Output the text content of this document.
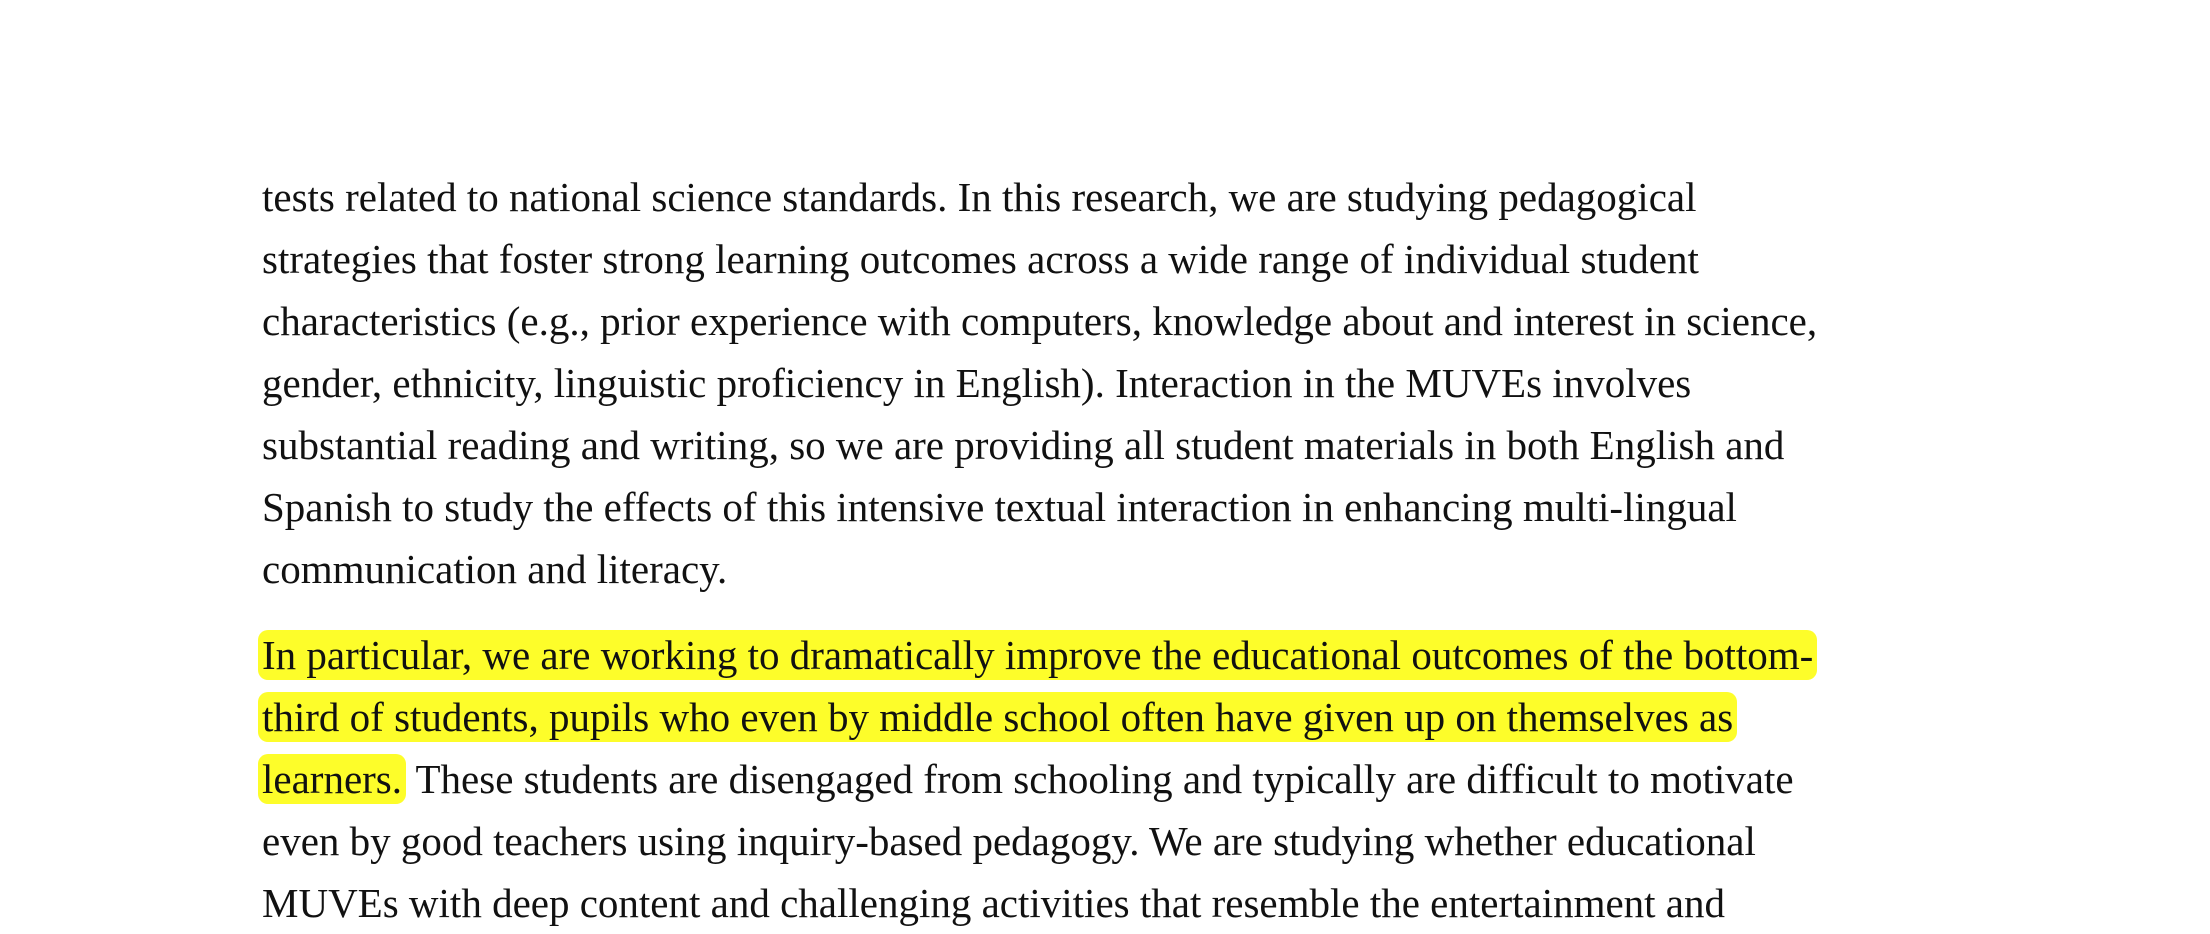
tests related to national science standards. In this research, we are studying pedagogical

strategies that foster strong learning outcomes across a wide range of individual student

characteristics (e.g., prior experience with computers, knowledge about and interest in science,

gender, ethnicity, linguistic proficiency in English). Interaction in the MUVEs involves

substantial reading and writing, so we are providing all student materials in both English and

Spanish to study the effects of this intensive textual interaction in enhancing multi-lingual

communication and literacy.

In particular, we are working to dramatically improve the educational outcomes of the bottom-

third of students, pupils who even by middle school often have given up on themselves as

learners. These students are disengaged from schooling and typically are difficult to motivate

even by good teachers using inquiry-based pedagogy. We are studying whether educational

MUVEs with deep content and challenging activities that resemble the entertainment and
